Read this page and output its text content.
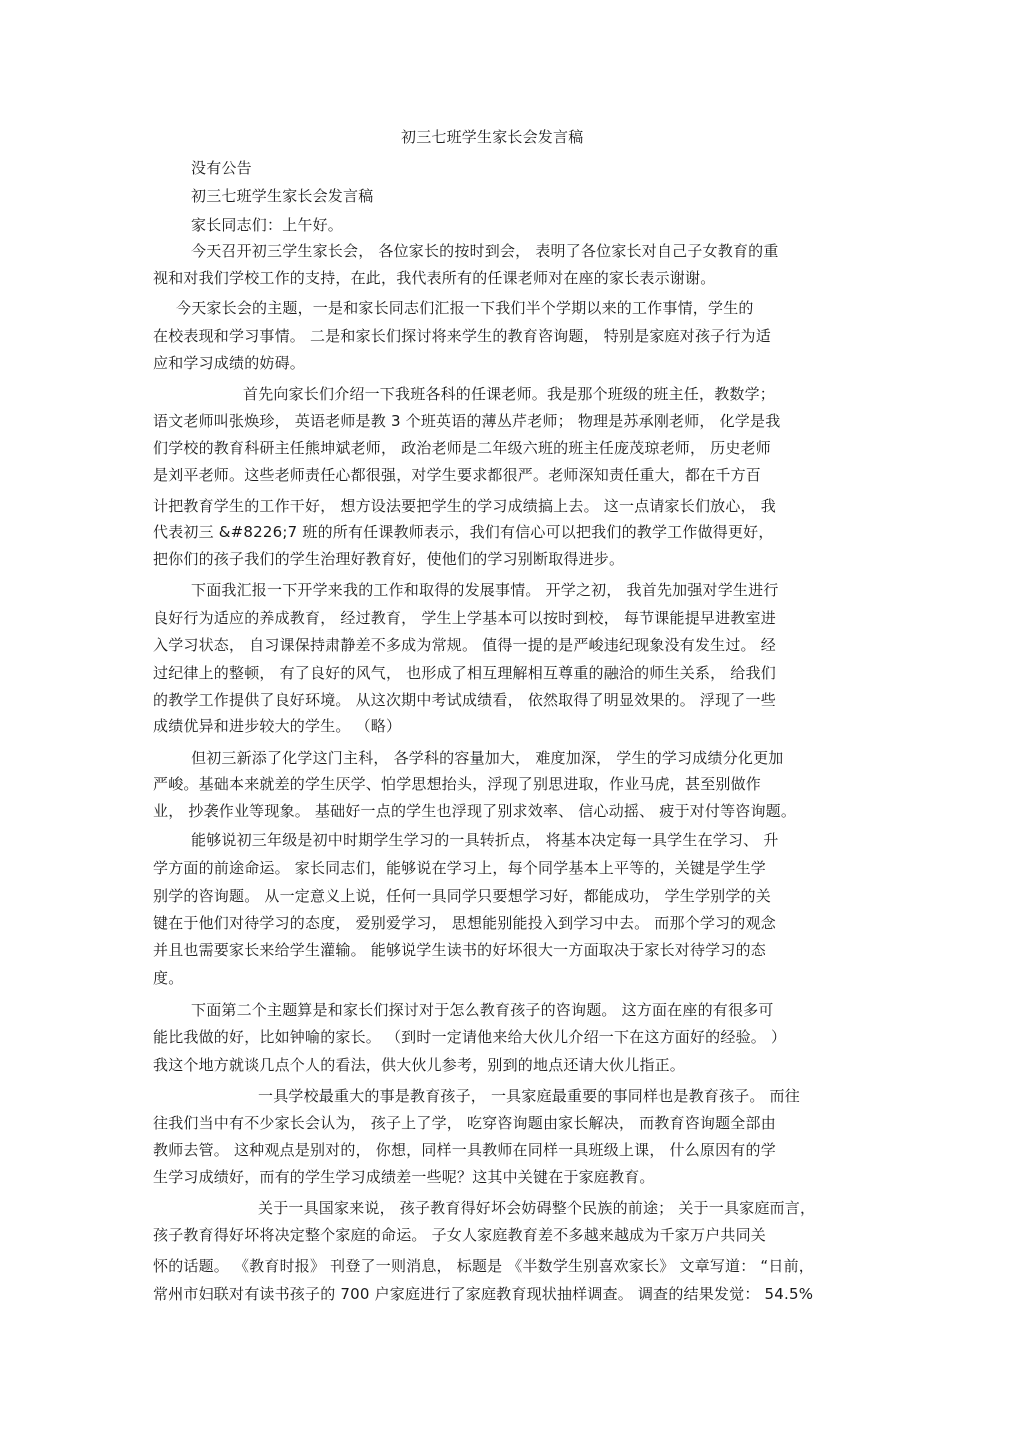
初三七班学生家长会发言稿
没有公告
初三七班学生家长会发言稿
家长同志们：上午好。
今天召开初三学生家长会， 各位家长的按时到会， 表明了各位家长对自己子女教育的重
视和对我们学校工作的支持，在此，我代表所有的任课老师对在座的家长表示谢谢。
今天家长会的主题，一是和家长同志们汇报一下我们半个学期以来的工作事情，学生的
在校表现和学习事情。 二是和家长们探讨将来学生的教育咨询题， 特别是家庭对孩子行为适
应和学习成绩的妨碍。
首先向家长们介绍一下我班各科的任课老师。我是那个班级的班主任，教数学；
语文老师叫张焕珍， 英语老师是教 3 个班英语的薄丛芹老师； 物理是苏承刚老师， 化学是我
们学校的教育科研主任熊坤斌老师， 政治老师是二年级六班的班主任庞茂琼老师， 历史老师
是刘平老师。这些老师责任心都很强，对学生要求都很严。老师深知责任重大，都在千方百
计把教育学生的工作干好， 想方设法要把学生的学习成绩搞上去。 这一点请家长们放心， 我
代表初三 &#8226;7 班的所有任课教师表示，我们有信心可以把我们的教学工作做得更好，
把你们的孩子我们的学生治理好教育好，使他们的学习别断取得进步。
下面我汇报一下开学来我的工作和取得的发展事情。 开学之初， 我首先加强对学生进行
良好行为适应的养成教育， 经过教育， 学生上学基本可以按时到校， 每节课能提早进教室进
入学习状态， 自习课保持肃静差不多成为常规。 值得一提的是严峻违纪现象没有发生过。 经
过纪律上的整顿， 有了良好的风气， 也形成了相互理解相互尊重的融洽的师生关系， 给我们
的教学工作提供了良好环境。 从这次期中考试成绩看， 依然取得了明显效果的。 浮现了一些
成绩优异和进步较大的学生。 （略）
但初三新添了化学这门主科， 各学科的容量加大， 难度加深， 学生的学习成绩分化更加
严峻。基础本来就差的学生厌学、怕学思想抬头，浮现了别思进取，作业马虎，甚至别做作
业， 抄袭作业等现象。 基础好一点的学生也浮现了别求效率、 信心动摇、 疲于对付等咨询题。
能够说初三年级是初中时期学生学习的一具转折点， 将基本决定每一具学生在学习、 升
学方面的前途命运。 家长同志们，能够说在学习上，每个同学基本上平等的，关键是学生学
别学的咨询题。 从一定意义上说，任何一具同学只要想学习好，都能成功， 学生学别学的关
键在于他们对待学习的态度， 爱别爱学习， 思想能别能投入到学习中去。 而那个学习的观念
并且也需要家长来给学生灌输。 能够说学生读书的好坏很大一方面取决于家长对待学习的态
度。
下面第二个主题算是和家长们探讨对于怎么教育孩子的咨询题。 这方面在座的有很多可
能比我做的好，比如钟喻的家长。 （到时一定请他来给大伙儿介绍一下在这方面好的经验。 ）
我这个地方就谈几点个人的看法，供大伙儿参考，别到的地点还请大伙儿指正。
一具学校最重大的事是教育孩子， 一具家庭最重要的事同样也是教育孩子。 而往
往我们当中有不少家长会认为， 孩子上了学， 吃穿咨询题由家长解决， 而教育咨询题全部由
教师去管。 这种观点是别对的， 你想，同样一具教师在同样一具班级上课， 什么原因有的学
生学习成绩好，而有的学生学习成绩差一些呢？这其中关键在于家庭教育。
关于一具国家来说， 孩子教育得好坏会妨碍整个民族的前途； 关于一具家庭而言，
孩子教育得好坏将决定整个家庭的命运。 子女人家庭教育差不多越来越成为千家万户共同关
怀的话题。 《教育时报》 刊登了一则消息， 标题是 《半数学生别喜欢家长》 文章写道： “日前，
常州市妇联对有读书孩子的 700 户家庭进行了家庭教育现状抽样调查。 调查的结果发觉： 54.5%
